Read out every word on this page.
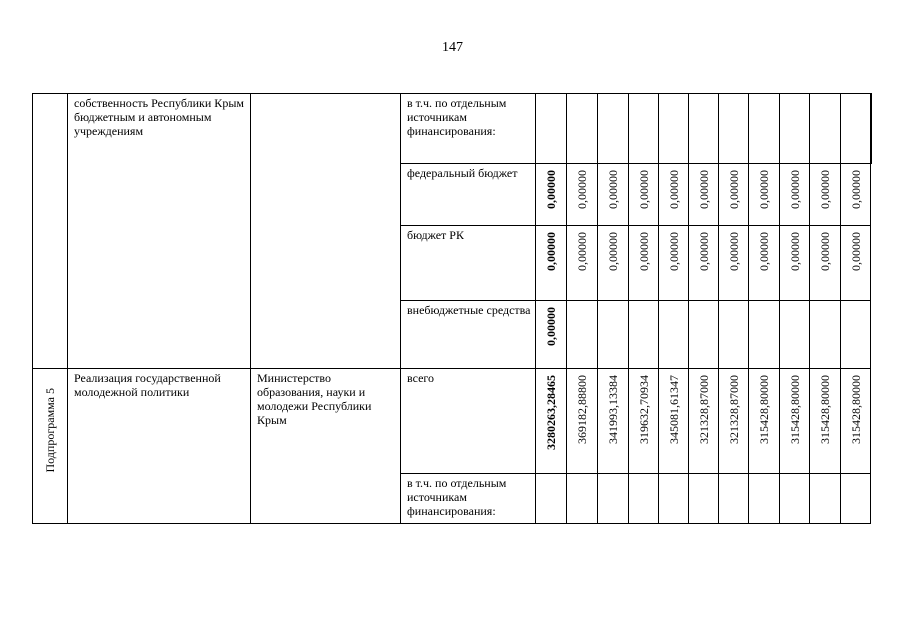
147

	собственность Республики Крым бюджетным и автономным учреждениям		в т.ч. по отдельным источникам финансирования:												

			федеральный бюджет	0,00000	0,00000	0,00000	0,00000	0,00000	0,00000	0,00000	0,00000	0,00000	0,00000	0,00000	

			бюджет РК	0,00000	0,00000	0,00000	0,00000	0,00000	0,00000	0,00000	0,00000	0,00000	0,00000	0,00000	

			внебюджетные средства	0,00000											

Подпрограмма 5	Реализация государственной молодежной политики	Министерство образования, науки и молодежи Республики Крым	всего	3280263,28465	369182,88800	341993,13384	319632,70934	345081,61347	321328,87000	321328,87000	315428,80000	315428,80000	315428,80000	315428,80000	

			в т.ч. по отдельным источникам финансирования:												
